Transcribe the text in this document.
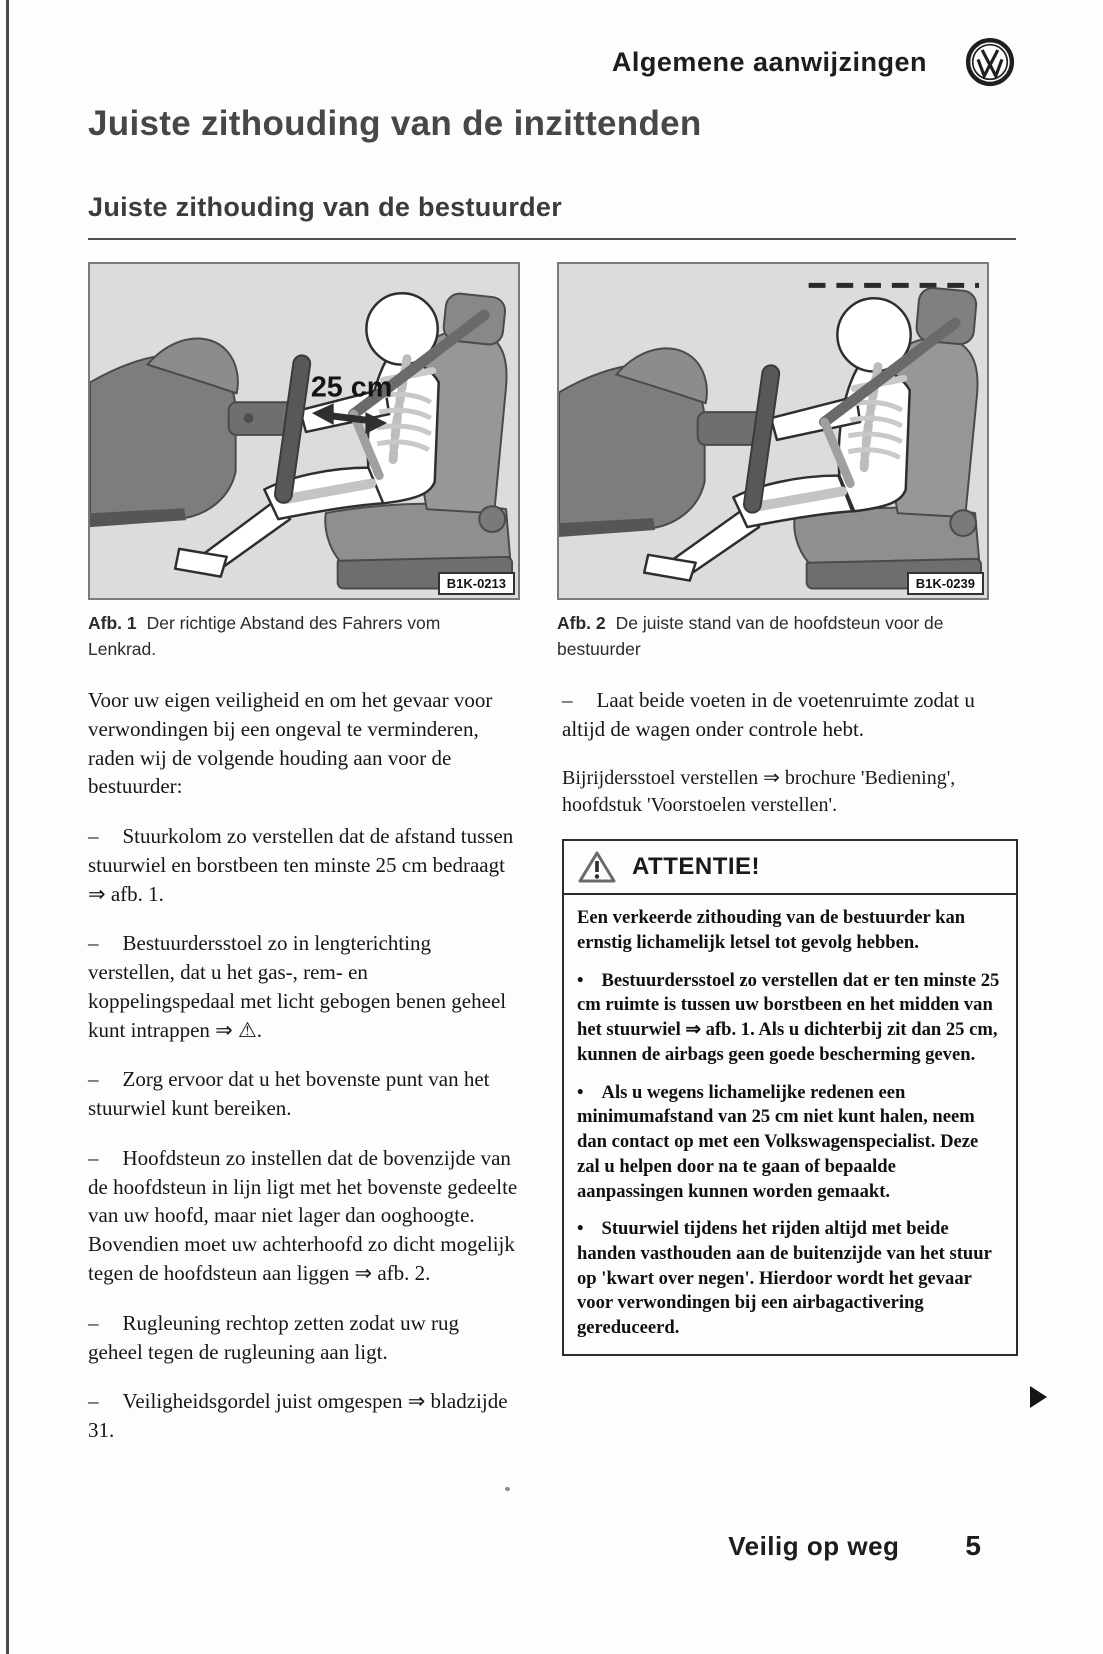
Algemene aanwijzingen
Juiste zithouding van de inzittenden
Juiste zithouding van de bestuurder
25 cm
B1K-0213
Afb. 1 Der richtige Abstand des Fahrers vom Lenkrad.
B1K-0239
Afb. 2 De juiste stand van de hoofdsteun voor de bestuurder

Voor uw eigen veiligheid en om het gevaar voor verwondingen bij een ongeval te verminderen, raden wij de volgende houding aan voor de bestuurder:

– Stuurkolom zo verstellen dat de afstand tussen stuurwiel en borstbeen ten minste 25 cm bedraagt ⇒ afb. 1.

– Bestuurdersstoel zo in lengterichting verstellen, dat u het gas-, rem- en koppelingspedaal met licht gebogen benen geheel kunt intrappen ⇒ ⚠.

– Zorg ervoor dat u het bovenste punt van het stuurwiel kunt bereiken.

– Hoofdsteun zo instellen dat de bovenzijde van de hoofdsteun in lijn ligt met het bovenste gedeelte van uw hoofd, maar niet lager dan ooghoogte. Bovendien moet uw achterhoofd zo dicht mogelijk tegen de hoofdsteun aan liggen ⇒ afb. 2.

– Rugleuning rechtop zetten zodat uw rug geheel tegen de rugleuning aan ligt.

– Veiligheidsgordel juist omgespen ⇒ bladzijde 31.

– Laat beide voeten in de voetenruimte zodat u altijd de wagen onder controle hebt.

Bijrijdersstoel verstellen ⇒ brochure 'Bediening', hoofdstuk 'Voorstoelen verstellen'.

ATTENTIE!

Een verkeerde zithouding van de bestuurder kan ernstig lichamelijk letsel tot gevolg hebben.

• Bestuurdersstoel zo verstellen dat er ten minste 25 cm ruimte is tussen uw borstbeen en het midden van het stuurwiel ⇒ afb. 1. Als u dichterbij zit dan 25 cm, kunnen de airbags geen goede bescherming geven.

• Als u wegens lichamelijke redenen een minimumafstand van 25 cm niet kunt halen, neem dan contact op met een Volkswagenspecialist. Deze zal u helpen door na te gaan of bepaalde aanpassingen kunnen worden gemaakt.

• Stuurwiel tijdens het rijden altijd met beide handen vasthouden aan de buitenzijde van het stuur op 'kwart over negen'. Hierdoor wordt het gevaar voor verwondingen bij een airbagactivering gereduceerd.

Veilig op weg 5
